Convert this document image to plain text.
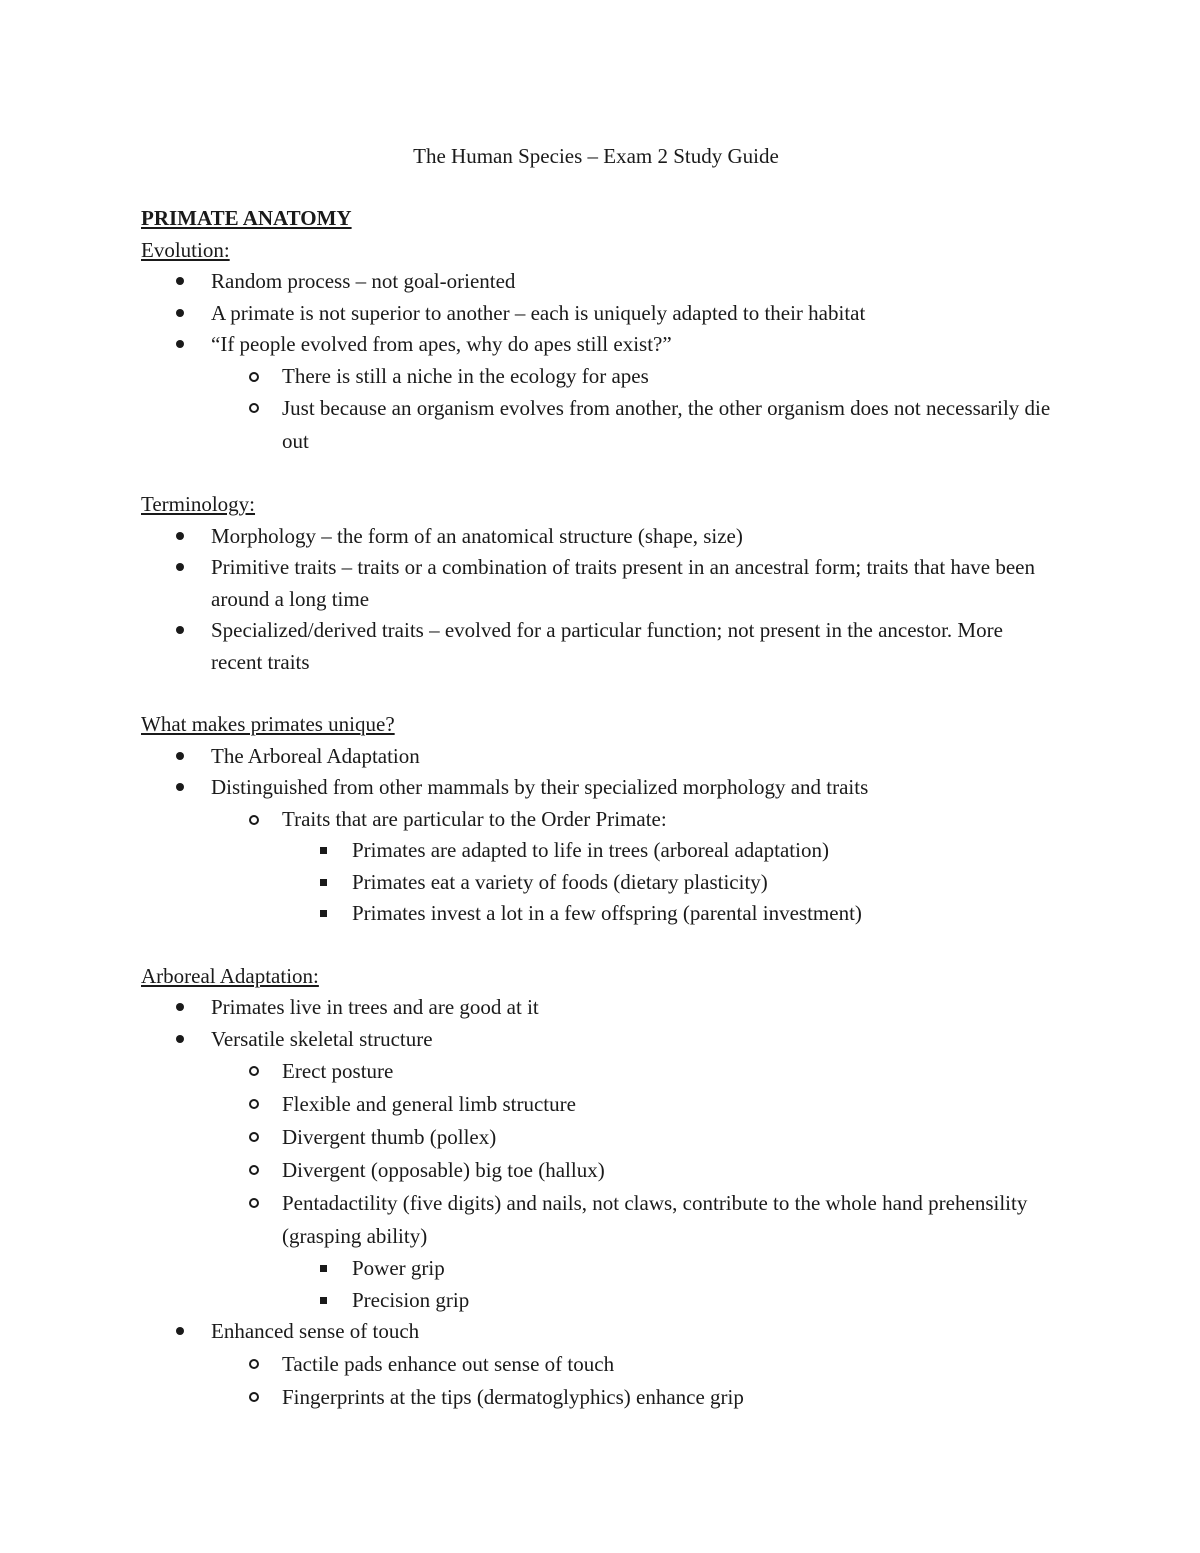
The Human Species – Exam 2 Study Guide
PRIMATE ANATOMY
Evolution:
Random process – not goal-oriented
A primate is not superior to another – each is uniquely adapted to their habitat
“If people evolved from apes, why do apes still exist?”
There is still a niche in the ecology for apes
Just because an organism evolves from another, the other organism does not necessarily die out
Terminology:
Morphology – the form of an anatomical structure (shape, size)
Primitive traits – traits or a combination of traits present in an ancestral form; traits that have been around a long time
Specialized/derived traits – evolved for a particular function; not present in the ancestor. More recent traits
What makes primates unique?
The Arboreal Adaptation
Distinguished from other mammals by their specialized morphology and traits
Traits that are particular to the Order Primate:
Primates are adapted to life in trees (arboreal adaptation)
Primates eat a variety of foods (dietary plasticity)
Primates invest a lot in a few offspring (parental investment)
Arboreal Adaptation:
Primates live in trees and are good at it
Versatile skeletal structure
Erect posture
Flexible and general limb structure
Divergent thumb (pollex)
Divergent (opposable) big toe (hallux)
Pentadactility (five digits) and nails, not claws, contribute to the whole hand prehensility (grasping ability)
Power grip
Precision grip
Enhanced sense of touch
Tactile pads enhance out sense of touch
Fingerprints at the tips (dermatoglyphics) enhance grip
